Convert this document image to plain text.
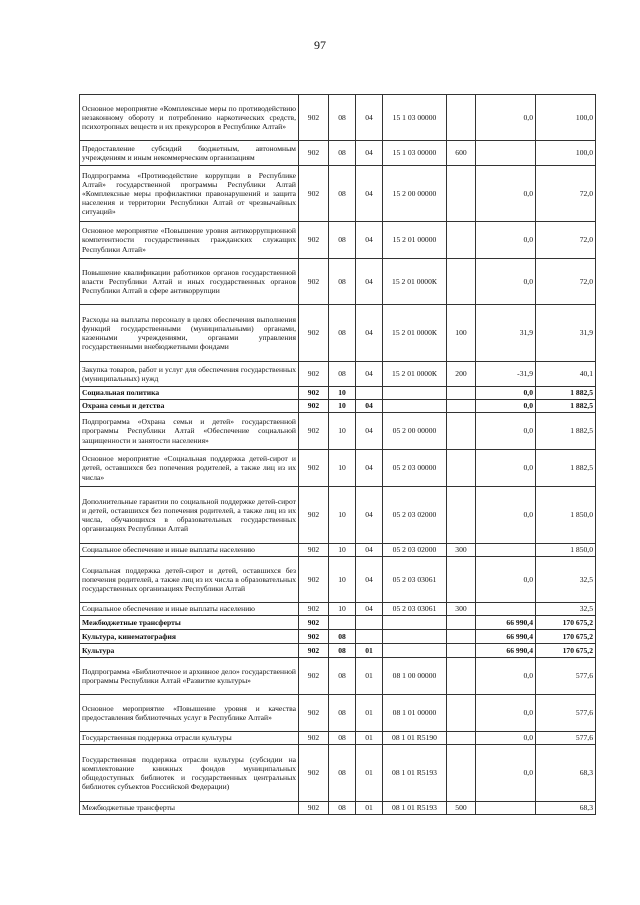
97
Основное мероприятие «Комплексные меры по противодействию незаконному обороту и потреблению наркотических средств, психотропных веществ и их прекурсоров в Республике Алтай»	902	08	04	15 1 03 00000		0,0	100,0
Предоставление субсидий бюджетным, автономным учреждениям и иным некоммерческим организациям	902	08	04	15 1 03 00000	600		100,0
Подпрограмма «Противодействие коррупции в Республике Алтай» государственной программы Республики Алтай «Комплексные меры профилактики правонарушений и защита населения и территории Республики Алтай от чрезвычайных ситуаций»	902	08	04	15 2 00 00000		0,0	72,0
Основное мероприятие «Повышение уровня антикоррупционной компетентности государственных гражданских служащих Республики Алтай»	902	08	04	15 2 01 00000		0,0	72,0
Повышение квалификации работников органов государственной власти Республики Алтай и иных государственных органов Республики Алтай в сфере антикоррупции	902	08	04	15 2 01 0000К		0,0	72,0
Расходы на выплаты персоналу в целях обеспечения выполнения функций государственными (муниципальными) органами, казенными учреждениями, органами управления государственными внебюджетными фондами	902	08	04	15 2 01 0000К	100	31,9	31,9
Закупка товаров, работ и услуг для обеспечения государственных (муниципальных) нужд	902	08	04	15 2 01 0000К	200	-31,9	40,1
Социальная политика	902	10				0,0	1 882,5
Охрана семьи и детства	902	10	04			0,0	1 882,5
Подпрограмма «Охрана семьи и детей» государственной программы Республики Алтай «Обеспечение социальной защищенности и занятости населения»	902	10	04	05 2 00 00000		0,0	1 882,5
Основное мероприятие «Социальная поддержка детей-сирот и детей, оставшихся без попечения родителей, а также лиц из их числа»	902	10	04	05 2 03 00000		0,0	1 882,5
Дополнительные гарантии по социальной поддержке детей-сирот и детей, оставшихся без попечения родителей, а также лиц из их числа, обучающихся в образовательных государственных организациях Республики Алтай	902	10	04	05 2 03 02000		0,0	1 850,0
Социальное обеспечение и иные выплаты населению	902	10	04	05 2 03 02000	300		1 850,0
Социальная поддержка детей-сирот и детей, оставшихся без попечения родителей, а также лиц из их числа в образовательных государственных организациях Республики Алтай	902	10	04	05 2 03 03061		0,0	32,5
Социальное обеспечение и иные выплаты населению	902	10	04	05 2 03 03061	300		32,5
Межбюджетные трансферты	902					66 990,4	170 675,2
Культура, кинематография	902	08				66 990,4	170 675,2
Культура	902	08	01			66 990,4	170 675,2
Подпрограмма «Библиотечное и архивное дело» государственной программы Республики Алтай «Развитие культуры»	902	08	01	08 1 00 00000		0,0	577,6
Основное мероприятие «Повышение уровня и качества предоставления библиотечных услуг в Республике Алтай»	902	08	01	08 1 01 00000		0,0	577,6
Государственная поддержка отрасли культуры	902	08	01	08 1 01 R5190		0,0	577,6
Государственная поддержка отрасли культуры (субсидии на комплектование книжных фондов муниципальных общедоступных библиотек и государственных центральных библиотек субъектов Российской Федерации)	902	08	01	08 1 01 R5193		0,0	68,3
Межбюджетные трансферты	902	08	01	08 1 01 R5193	500		68,3
